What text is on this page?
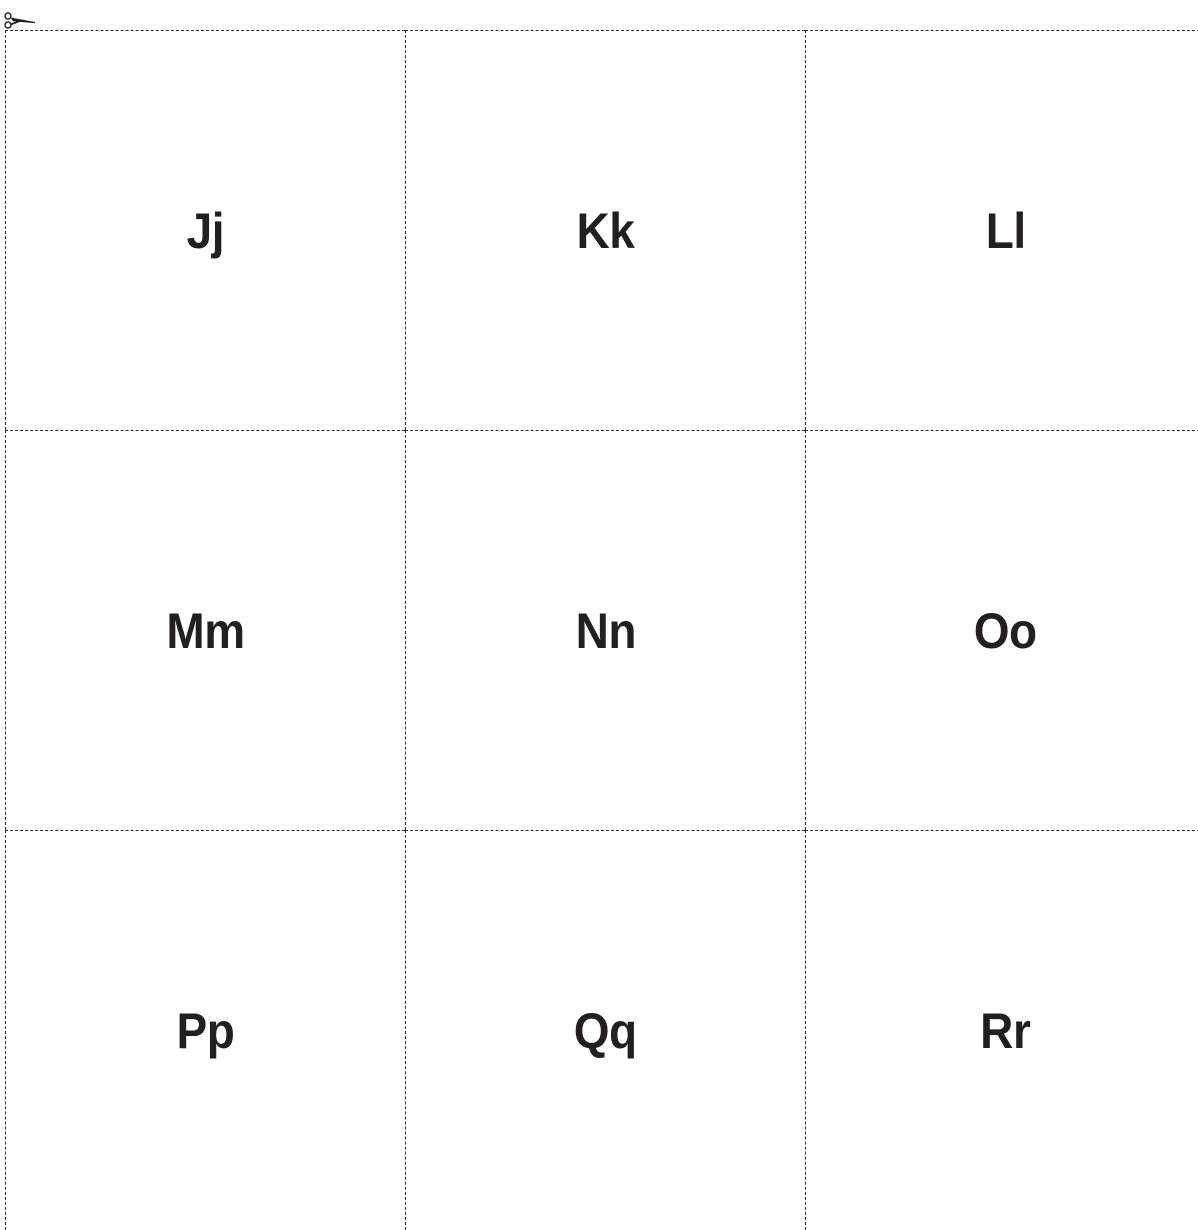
Jj	Kk	Ll
Mm	Nn	Oo
Pp	Qq	Rr
